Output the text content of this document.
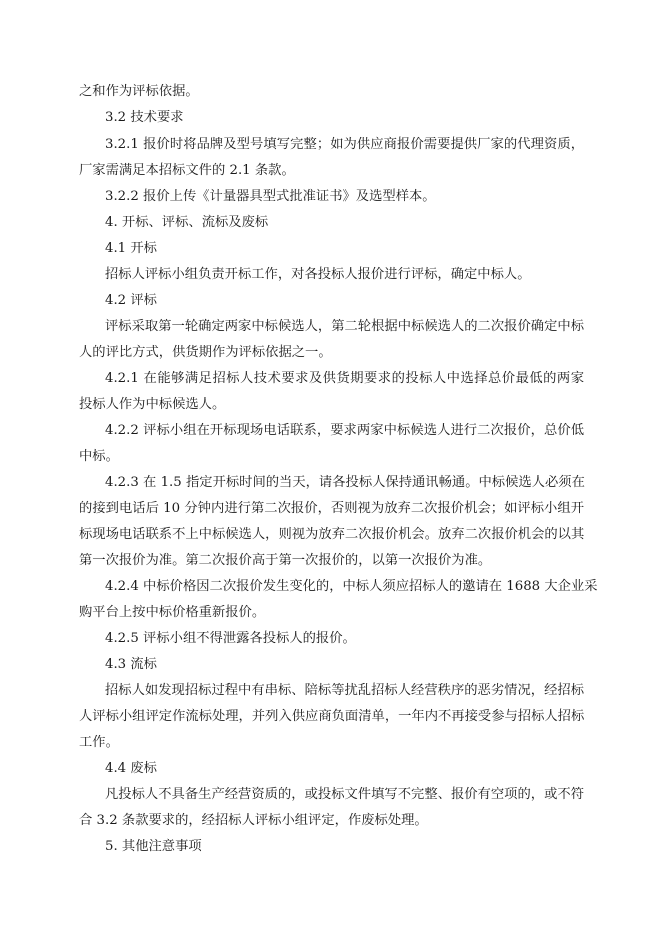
之和作为评标依据。
3.2 技术要求
3.2.1 报价时将品牌及型号填写完整；如为供应商报价需要提供厂家的代理资质，
厂家需满足本招标文件的 2.1 条款。
3.2.2 报价上传《计量器具型式批准证书》及选型样本。
4. 开标、评标、流标及废标
4.1 开标
招标人评标小组负责开标工作，对各投标人报价进行评标，确定中标人。
4.2 评标
评标采取第一轮确定两家中标候选人，第二轮根据中标候选人的二次报价确定中标
人的评比方式，供货期作为评标依据之一。
4.2.1 在能够满足招标人技术要求及供货期要求的投标人中选择总价最低的两家
投标人作为中标候选人。
4.2.2 评标小组在开标现场电话联系，要求两家中标候选人进行二次报价，总价低
中标。
4.2.3 在 1.5 指定开标时间的当天，请各投标人保持通讯畅通。中标候选人必须在
的接到电话后 10 分钟内进行第二次报价，否则视为放弃二次报价机会；如评标小组开
标现场电话联系不上中标候选人，则视为放弃二次报价机会。放弃二次报价机会的以其
第一次报价为准。第二次报价高于第一次报价的，以第一次报价为准。
4.2.4 中标价格因二次报价发生变化的，中标人须应招标人的邀请在 1688 大企业采
购平台上按中标价格重新报价。
4.2.5 评标小组不得泄露各投标人的报价。
4.3 流标
招标人如发现招标过程中有串标、陪标等扰乱招标人经营秩序的恶劣情况，经招标
人评标小组评定作流标处理，并列入供应商负面清单，一年内不再接受参与招标人招标
工作。
4.4 废标
凡投标人不具备生产经营资质的，或投标文件填写不完整、报价有空项的，或不符
合 3.2 条款要求的，经招标人评标小组评定，作废标处理。
5. 其他注意事项
